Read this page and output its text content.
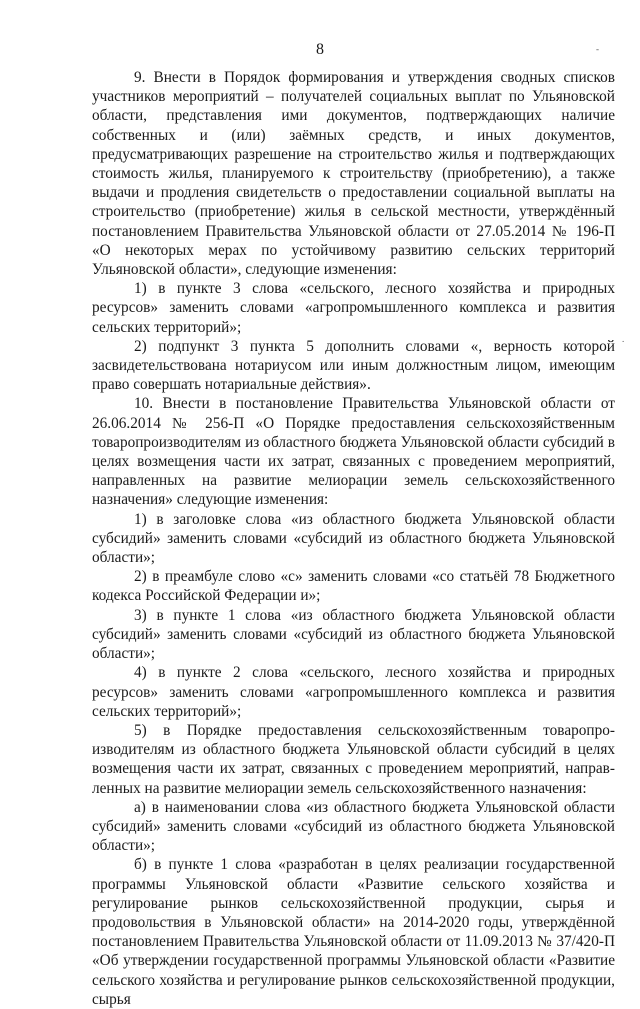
8	-
.

9. Внести в Порядок формирования и утверждения сводных списков участников мероприятий – получателей социальных выплат по Ульяновской области, представления ими документов, подтверждающих наличие собственных и (или) заёмных средств, и иных документов, предусматривающих разрешение на строительство жилья и подтверждающих стоимость жилья, планируемого к строительству (приобретению), а также выдачи и продления свидетельств о предоставлении социальной выплаты на строительство (приобретение) жилья в сельской местности, утверждённый постановлением Правительства Ульяновской области от 27.05.2014 № 196-П «О некоторых мерах по устойчивому развитию сельских территорий Ульяновской области», следующие изменения:

1) в пункте 3 слова «сельского, лесного хозяйства и природных ресурсов» заменить словами «агропромышленного комплекса и развития сельских территорий»;

2) подпункт 3 пункта 5 дополнить словами «, верность которой засвидетельствована нотариусом или иным должностным лицом, имеющим право совершать нотариальные действия».

10. Внести в постановление Правительства Ульяновской области от 26.06.2014 № 256-П «О Порядке предоставления сельскохозяйственным товаропроизводителям из областного бюджета Ульяновской области субсидий в целях возмещения части их затрат, связанных с проведением мероприятий, направленных на развитие мелиорации земель сельскохозяйственного назначения» следующие изменения:

1) в заголовке слова «из областного бюджета Ульяновской области субсидий» заменить словами «субсидий из областного бюджета Ульяновской области»;

2) в преамбуле слово «с» заменить словами «со статьёй 78 Бюджетного кодекса Российской Федерации и»;

3) в пункте 1 слова «из областного бюджета Ульяновской области субсидий» заменить словами «субсидий из областного бюджета Ульяновской области»;

4) в пункте 2 слова «сельского, лесного хозяйства и природных ресурсов» заменить словами «агропромышленного комплекса и развития сельских территорий»;

5) в Порядке предоставления сельскохозяйственным товаропро-изводителям из областного бюджета Ульяновской области субсидий в целях возмещения части их затрат, связанных с проведением мероприятий, направ-ленных на развитие мелиорации земель сельскохозяйственного назначения:

а) в наименовании слова «из областного бюджета Ульяновской области субсидий» заменить словами «субсидий из областного бюджета Ульяновской области»;

б) в пункте 1 слова «разработан в целях реализации государственной программы Ульяновской области «Развитие сельского хозяйства и регулирование рынков сельскохозяйственной продукции, сырья и продовольствия в Ульяновской области» на 2014-2020 годы, утверждённой постановлением Правительства Ульяновской области от 11.09.2013 № 37/420-П «Об утверждении государственной программы Ульяновской области «Развитие сельского хозяйства и регулирование рынков сельскохозяйственной продукции, сырья
